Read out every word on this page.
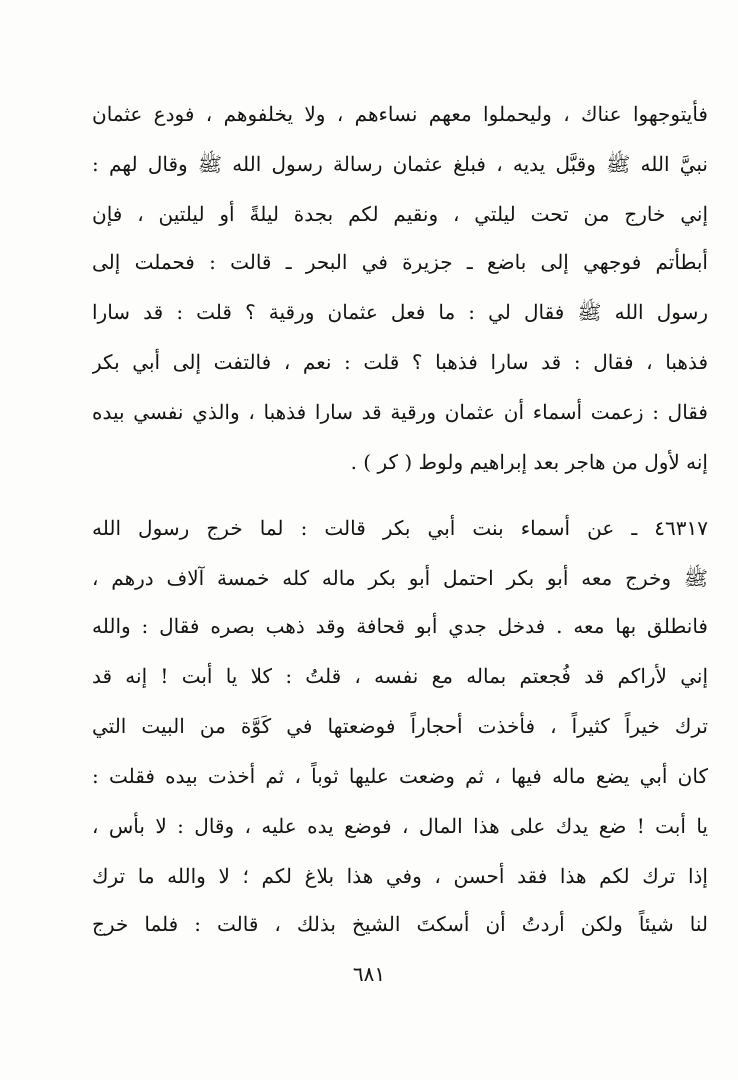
فأيتوجهوا عناك ، وليحملوا معهم نساءهم ، ولا يخلفوهم ، فودع عثمان
نبيَّ الله ﷺ وقبَّل يديه ، فبلغ عثمان رسالة رسول الله ﷺ وقال لهم :
إني خارج من تحت ليلتي ، ونقيم لكم بجدة ليلةً أو ليلتين ، فإن
أبطأتم فوجهي إلى باضع ـ جزيرة في البحر ـ قالت : فحملت إلى
رسول الله ﷺ فقال لي : ما فعل عثمان ورقية ؟ قلت : قد سارا
فذهبا ، فقال : قد سارا فذهبا ؟ قلت : نعم ، فالتفت إلى أبي بكر
فقال : زعمت أسماء أن عثمان ورقية قد سارا فذهبا ، والذي نفسي بيده
إنه لأول من هاجر بعد إبراهيم ولوط ( كر ) .
٤٦٣١٧ ـ عن أسماء بنت أبي بكر قالت : لما خرج رسول الله
ﷺ وخرج معه أبو بكر احتمل أبو بكر ماله كله خمسة آلاف درهم ،
فانطلق بها معه . فدخل جدي أبو قحافة وقد ذهب بصره فقال : والله
إني لأراكم قد فُجعتم بماله مع نفسه ، قلتُ : كلا يا أبت ! إنه قد
ترك خيراً كثيراً ، فأخذت أحجاراً فوضعتها في كَوَّة من البيت التي
كان أبي يضع ماله فيها ، ثم وضعت عليها ثوباً ، ثم أخذت بيده فقلت :
يا أبت ! ضع يدك على هذا المال ، فوضع يده عليه ، وقال : لا بأس ،
إذا ترك لكم هذا فقد أحسن ، وفي هذا بلاغ لكم ؛ لا والله ما ترك
لنا شيئاً ولكن أردتُ أن أسكتَ الشيخ بذلك ، قالت : فلما خرج
٦٨١
